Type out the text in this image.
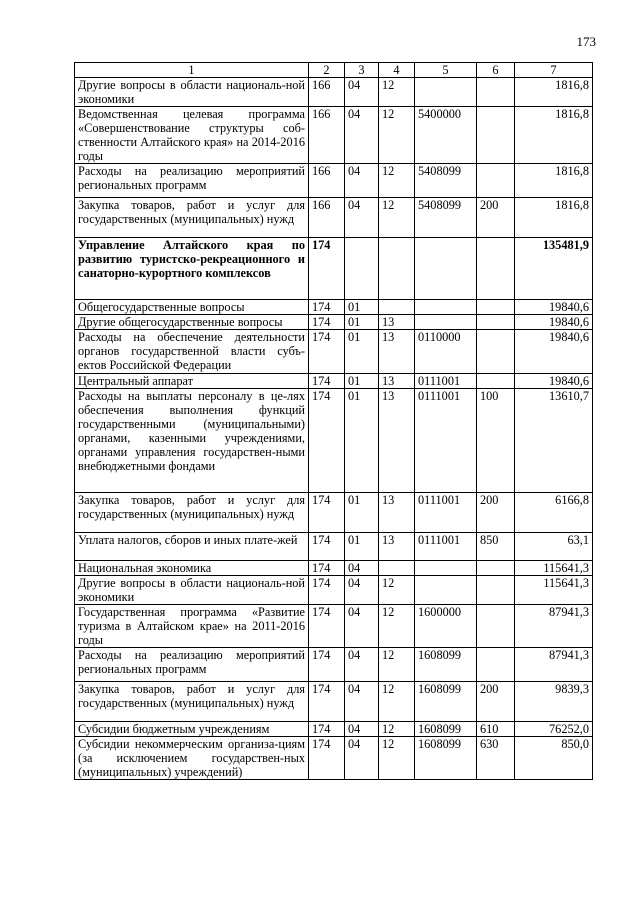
173
1	2	3	4	5	6	7
Другие вопросы в области националь-ной экономики	166	04	12			1816,8
Ведомственная целевая программа «Совершенствование структуры соб-ственности Алтайского края» на 2014-2016 годы	166	04	12	5400000		1816,8
Расходы на реализацию мероприятий региональных программ	166	04	12	5408099		1816,8
Закупка товаров, работ и услуг для государственных (муниципальных) нужд	166	04	12	5408099	200	1816,8
Управление Алтайского края по развитию туристско-рекреационного и санаторно-курортного комплексов	174					135481,9
Общегосударственные вопросы	174	01				19840,6
Другие общегосударственные вопросы	174	01	13			19840,6
Расходы на обеспечение деятельности органов государственной власти субъ-ектов Российской Федерации	174	01	13	0110000		19840,6
Центральный аппарат	174	01	13	0111001		19840,6
Расходы на выплаты персоналу в це-лях обеспечения выполнения функций государственными (муниципальными) органами, казенными учреждениями, органами управления государствен-ными внебюджетными фондами	174	01	13	0111001	100	13610,7
Закупка товаров, работ и услуг для государственных (муниципальных) нужд	174	01	13	0111001	200	6166,8
Уплата налогов, сборов и иных плате-жей	174	01	13	0111001	850	63,1
Национальная экономика	174	04				115641,3
Другие вопросы в области националь-ной экономики	174	04	12			115641,3
Государственная программа «Развитие туризма в Алтайском крае» на 2011-2016 годы	174	04	12	1600000		87941,3
Расходы на реализацию мероприятий региональных программ	174	04	12	1608099		87941,3
Закупка товаров, работ и услуг для государственных (муниципальных) нужд	174	04	12	1608099	200	9839,3
Субсидии бюджетным учреждениям	174	04	12	1608099	610	76252,0
Субсидии некоммерческим организа-циям (за исключением государствен-ных (муниципальных) учреждений)	174	04	12	1608099	630	850,0
